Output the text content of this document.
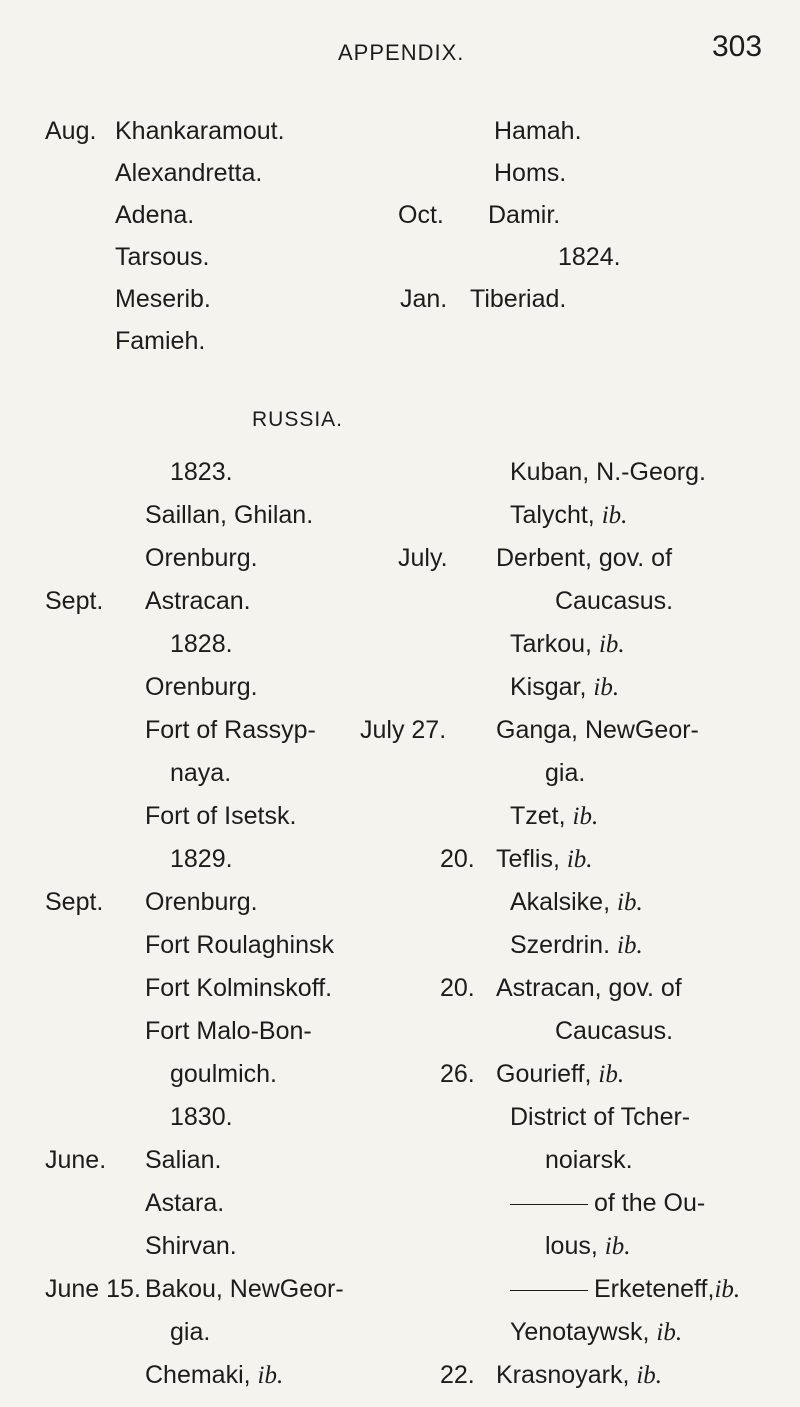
APPENDIX.	303
Aug. Khankaramout.
Alexandretta.
Adena.
Tarsous.
Meserib.
Famieh.
Hamah.
Homs.
Oct. Damir.
1824.
Jan. Tiberiad.
RUSSIA.
1823.
Saillan, Ghilan.
Orenburg.
Sept. Astracan.
1828.
Orenburg.
Fort of Rassyp-
naya.
Fort of Isetsk.
1829.
Sept. Orenburg.
Fort Roulaghinsk
Fort Kolminskoff.
Fort Malo-Bon-
goulmich.
1830.
June. Salian.
Astara.
Shirvan.
June 15. Bakou, NewGeor-
gia.
Chemaki, ib.
July.
July 27.
20.
20.
26.
22.
Kuban, N.-Georg.
Talycht, ib.
Derbent, gov. of
Caucasus.
Tarkou, ib.
Kisgar, ib.
Ganga, NewGeor-
gia.
Tzet, ib.
Teflis, ib.
Akalsike, ib.
Szerdrin. ib.
Astracan, gov. of
Caucasus.
Gourieff, ib.
District of Tcher-
noiarsk.
of the Ou-
lous, ib.
Erketeneff,ib.
Yenotaywsk, ib.
Krasnoyark, ib.
